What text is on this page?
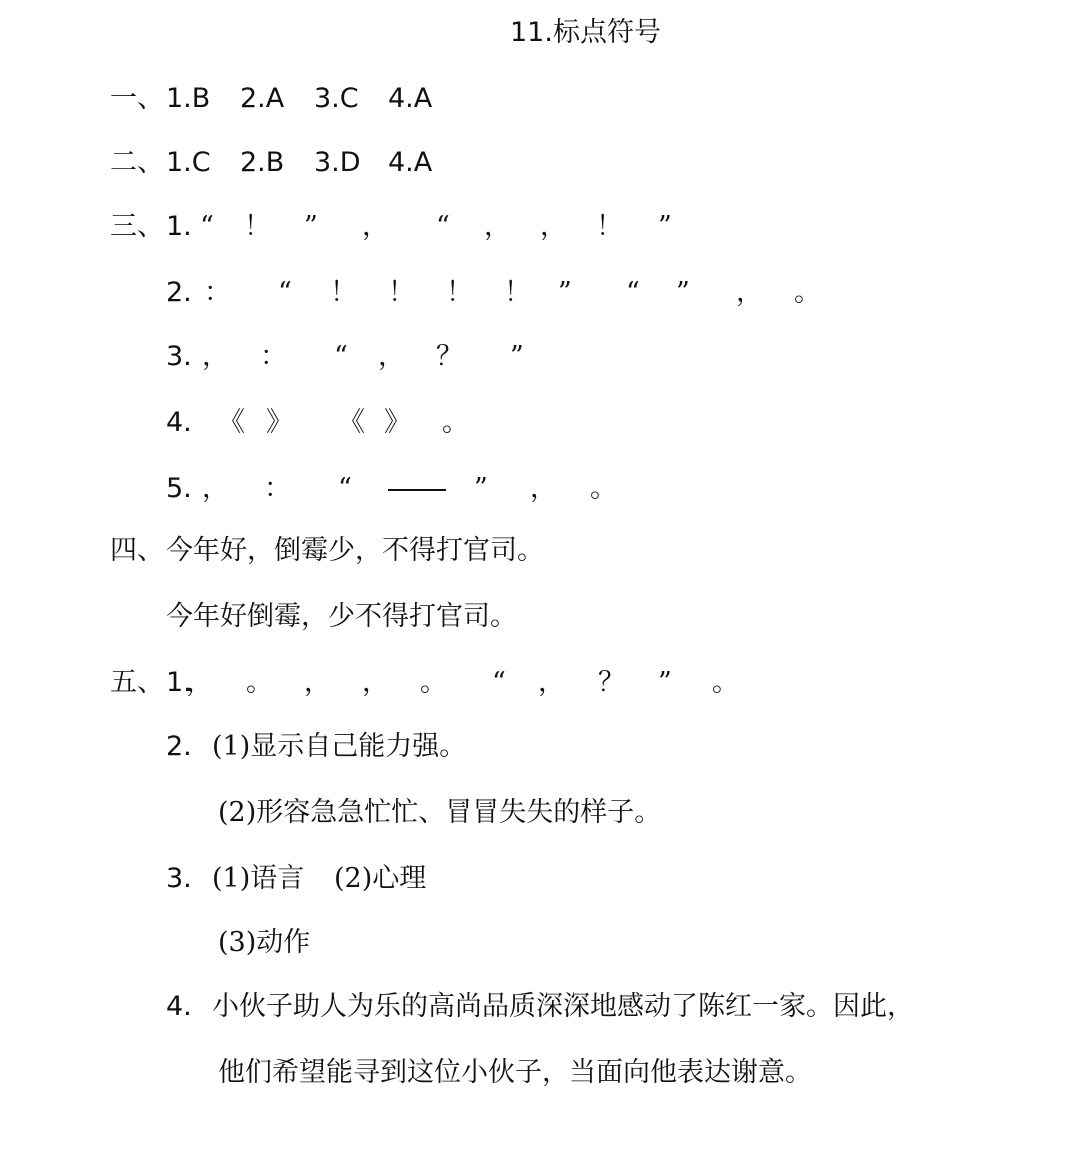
11.标点符号
一、 1.B 2.A 3.C 4.A
二、 1.C 2.B 3.D 4.A
三、

1.

“

！

”

，

“

，

，

！

”

2.

：

“

！

！

！

！

”

“

”

，

。

3.

，

：

“

，

？

”

4.

《

》

《

》

。

5.

，

：

“

	”

，

。

四、 今年好，倒霉少，不得打官司。
今年好倒霉，少不得打官司。
五、

1.

，

。

，

，

。

“

，

？

”

。

2. (1)显示自己能力强。
(2)形容急急忙忙、冒冒失失的样子。
3. (1)语言 (2)心理
(3)动作
4. 小伙子助人为乐的高尚品质深深地感动了陈红一家。因此，
他们希望能寻到这位小伙子，当面向他表达谢意。
